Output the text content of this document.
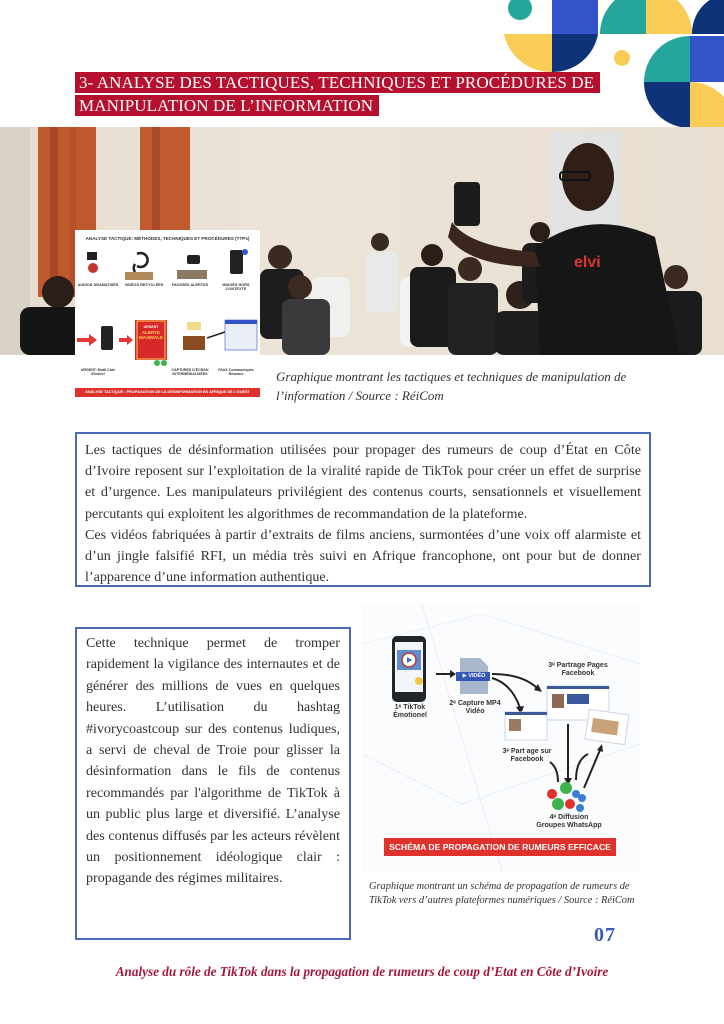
3- ANALYSE DES TACTIQUES, TECHNIQUES ET PROCÉDURES DE
MANIPULATION DE L’INFORMATION
elvi
ANALYSE TACTIQUE: MÉTHODES, TECHNIQUES ET PROCÉDURES (TTPs)
AUDIOS DRAMATISÉS	VIDÉOS RECYCLÉES	FAUSSES ALERTES	IMAGES HORS CONTEXTE
URGENT
ALERTE MAXIMALE
URGENT: Mutil Côte d'Ivoire!
CAPTURES D'ÉCRAN INTERMÉDIALISÉES
FAUX Communiqués Réseaux
ANALYSE TACTIQUE : PROPAGATION DE LA DÉSINFORMATION EN AFRIQUE DE L'OUEST
Graphique montrant les tactiques et techniques de manipulation de
l’information / Source : RéiCom

Les tactiques de désinformation utilisées pour propager des rumeurs de coup d’État en Côte d’Ivoire reposent sur l’exploitation de la viralité rapide de TikTok pour créer un effet de surprise et d’urgence. Les manipulateurs privilégient des contenus courts, sensationnels et visuellement percutants qui exploitent les algorithmes de recommandation de la plateforme.

Ces vidéos fabriquées à partir d’extraits de films anciens, surmontées d’une voix off alarmiste et d’un jingle falsifié RFI, un média très suivi en Afrique francophone, ont pour but de donner l’apparence d’une information authentique.

Cette technique permet de tromper rapidement la vigilance des internautes et de générer des millions de vues en quelques heures. L’utilisation du hashtag #ivorycoastcoup sur des contenus ludiques, a servi de cheval de Troie pour glisser la désinformation dans le fils de contenus recommandés par l'algorithme de TikTok à un public plus large et diversifié. L’analyse des contenus diffusés par les acteurs révèlent un positionnement idéologique clair : propagande des régimes militaires.
1ᵉ TikTok
Émotionel
▶ VIDÉO
2ᵉ Capture MP4
Vidéo
3ᵉ Partrage Pages
Facebook
3ᵉ Part age sur
Facebook
4ᵉ Diffusion
Groupes WhatsApp
SCHÉMA DE PROPAGATION DE RUMEURS EFFICACE
Graphique montrant un schéma de propagation de rumeurs de TikTok vers d’autres plateformes numériques / Source : RéiCom
07
Analyse du rôle de TikTok dans la propagation de rumeurs de coup d’Etat en Côte d’Ivoire
